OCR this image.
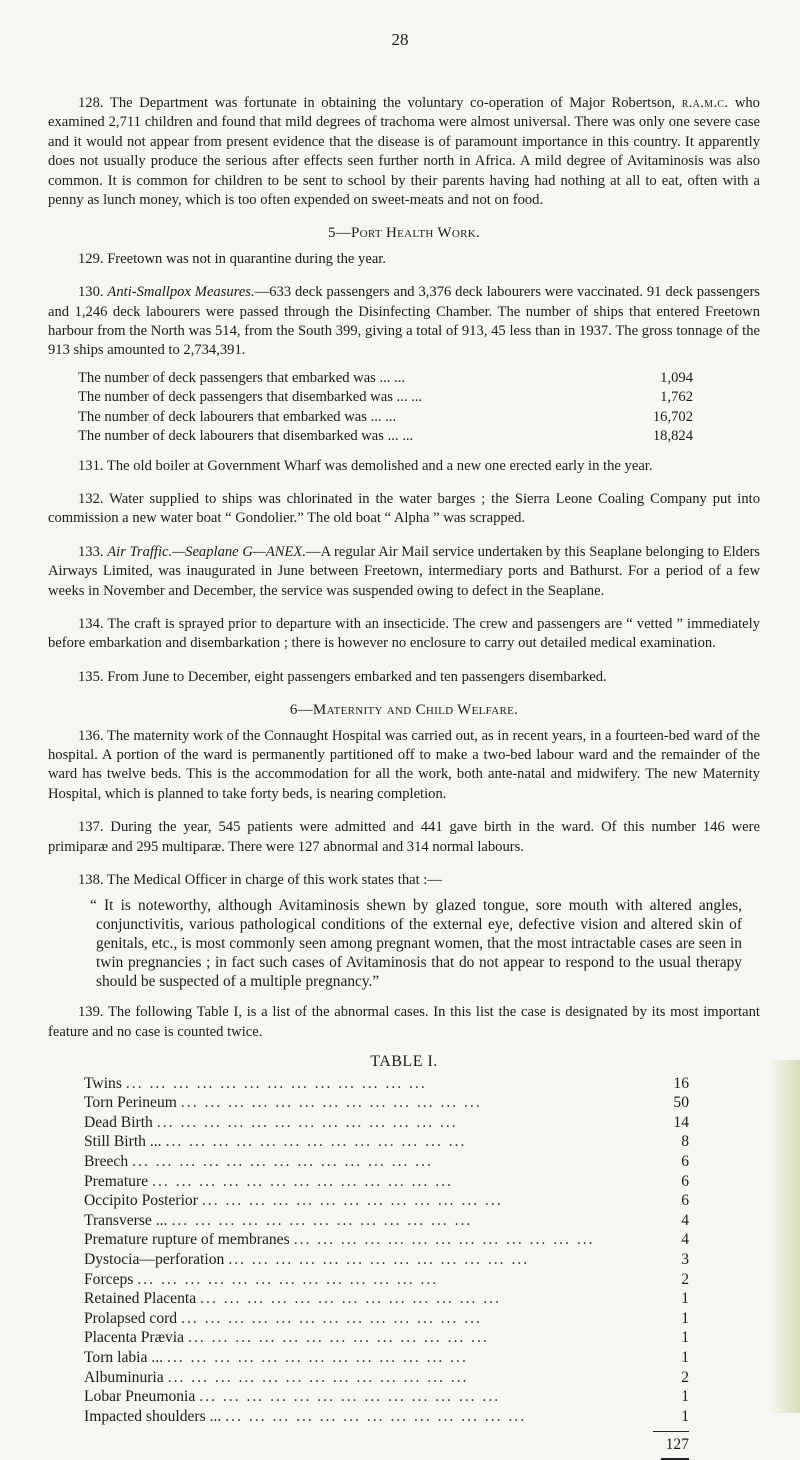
28

128. The Department was fortunate in obtaining the voluntary co-operation of Major Robertson, r.a.m.c. who examined 2,711 children and found that mild degrees of trachoma were almost universal. There was only one severe case and it would not appear from present evidence that the disease is of paramount importance in this country. It apparently does not usually produce the serious after effects seen further north in Africa. A mild degree of Avitaminosis was also common. It is common for children to be sent to school by their parents having had nothing at all to eat, often with a penny as lunch money, which is too often expended on sweet-meats and not on food.

5—Port Health Work.

129. Freetown was not in quarantine during the year.

130. Anti-Smallpox Measures.—633 deck passengers and 3,376 deck labourers were vaccinated. 91 deck passengers and 1,246 deck labourers were passed through the Disinfecting Chamber. The number of ships that entered Freetown harbour from the North was 514, from the South 399, giving a total of 913, 45 less than in 1937. The gross tonnage of the 913 ships amounted to 2,734,391.

The number of deck passengers that embarked was ... ...	1,094
The number of deck passengers that disembarked was ... ...	1,762
The number of deck labourers that embarked was ... ...	16,702
The number of deck labourers that disembarked was ... ...	18,824

131. The old boiler at Government Wharf was demolished and a new one erected early in the year.

132. Water supplied to ships was chlorinated in the water barges ; the Sierra Leone Coaling Company put into commission a new water boat “ Gondolier.” The old boat “ Alpha ” was scrapped.

133. Air Traffic.—Seaplane G—ANEX.—A regular Air Mail service undertaken by this Seaplane belonging to Elders Airways Limited, was inaugurated in June between Freetown, intermediary ports and Bathurst. For a period of a few weeks in November and December, the service was suspended owing to defect in the Seaplane.

134. The craft is sprayed prior to departure with an insecticide. The crew and passengers are “ vetted ” immediately before embarkation and disembarkation ; there is however no enclosure to carry out detailed medical examination.

135. From June to December, eight passengers embarked and ten passengers disembarked.

6—Maternity and Child Welfare.

136. The maternity work of the Connaught Hospital was carried out, as in recent years, in a fourteen-bed ward of the hospital. A portion of the ward is permanently partitioned off to make a two-bed labour ward and the remainder of the ward has twelve beds. This is the accommodation for all the work, both ante-natal and midwifery. The new Maternity Hospital, which is planned to take forty beds, is nearing completion.

137. During the year, 545 patients were admitted and 441 gave birth in the ward. Of this number 146 were primiparæ and 295 multiparæ. There were 127 abnormal and 314 normal labours.

138. The Medical Officer in charge of this work states that :—

“ It is noteworthy, although Avitaminosis shewn by glazed tongue, sore mouth with altered angles, conjunctivitis, various pathological conditions of the external eye, defective vision and altered skin of genitals, etc., is most commonly seen among pregnant women, that the most intractable cases are seen in twin pregnancies ; in fact such cases of Avitaminosis that do not appear to respond to the usual therapy should be suspected of a multiple pregnancy.”

139. The following Table I, is a list of the abnormal cases. In this list the case is designated by its most important feature and no case is counted twice.

TABLE I.
Twins ... ... ... ... ... ... ... ... ... ... ... ... ...	16
Torn Perineum ... ... ... ... ... ... ... ... ... ... ... ... ...	50
Dead Birth ... ... ... ... ... ... ... ... ... ... ... ... ...	14
Still Birth ... ... ... ... ... ... ... ... ... ... ... ... ... ...	8
Breech ... ... ... ... ... ... ... ... ... ... ... ... ...	6
Premature ... ... ... ... ... ... ... ... ... ... ... ... ...	6
Occipito Posterior ... ... ... ... ... ... ... ... ... ... ... ... ...	6
Transverse ... ... ... ... ... ... ... ... ... ... ... ... ... ...	4
Premature rupture of membranes ... ... ... ... ... ... ... ... ... ... ... ... ...	4
Dystocia—perforation ... ... ... ... ... ... ... ... ... ... ... ... ...	3
Forceps ... ... ... ... ... ... ... ... ... ... ... ... ...	2
Retained Placenta ... ... ... ... ... ... ... ... ... ... ... ... ...	1
Prolapsed cord ... ... ... ... ... ... ... ... ... ... ... ... ...	1
Placenta Prævia ... ... ... ... ... ... ... ... ... ... ... ... ...	1
Torn labia ... ... ... ... ... ... ... ... ... ... ... ... ... ...	1
Albuminuria ... ... ... ... ... ... ... ... ... ... ... ... ...	2
Lobar Pneumonia ... ... ... ... ... ... ... ... ... ... ... ... ...	1
Impacted shoulders ... ... ... ... ... ... ... ... ... ... ... ... ... ...	1
127
